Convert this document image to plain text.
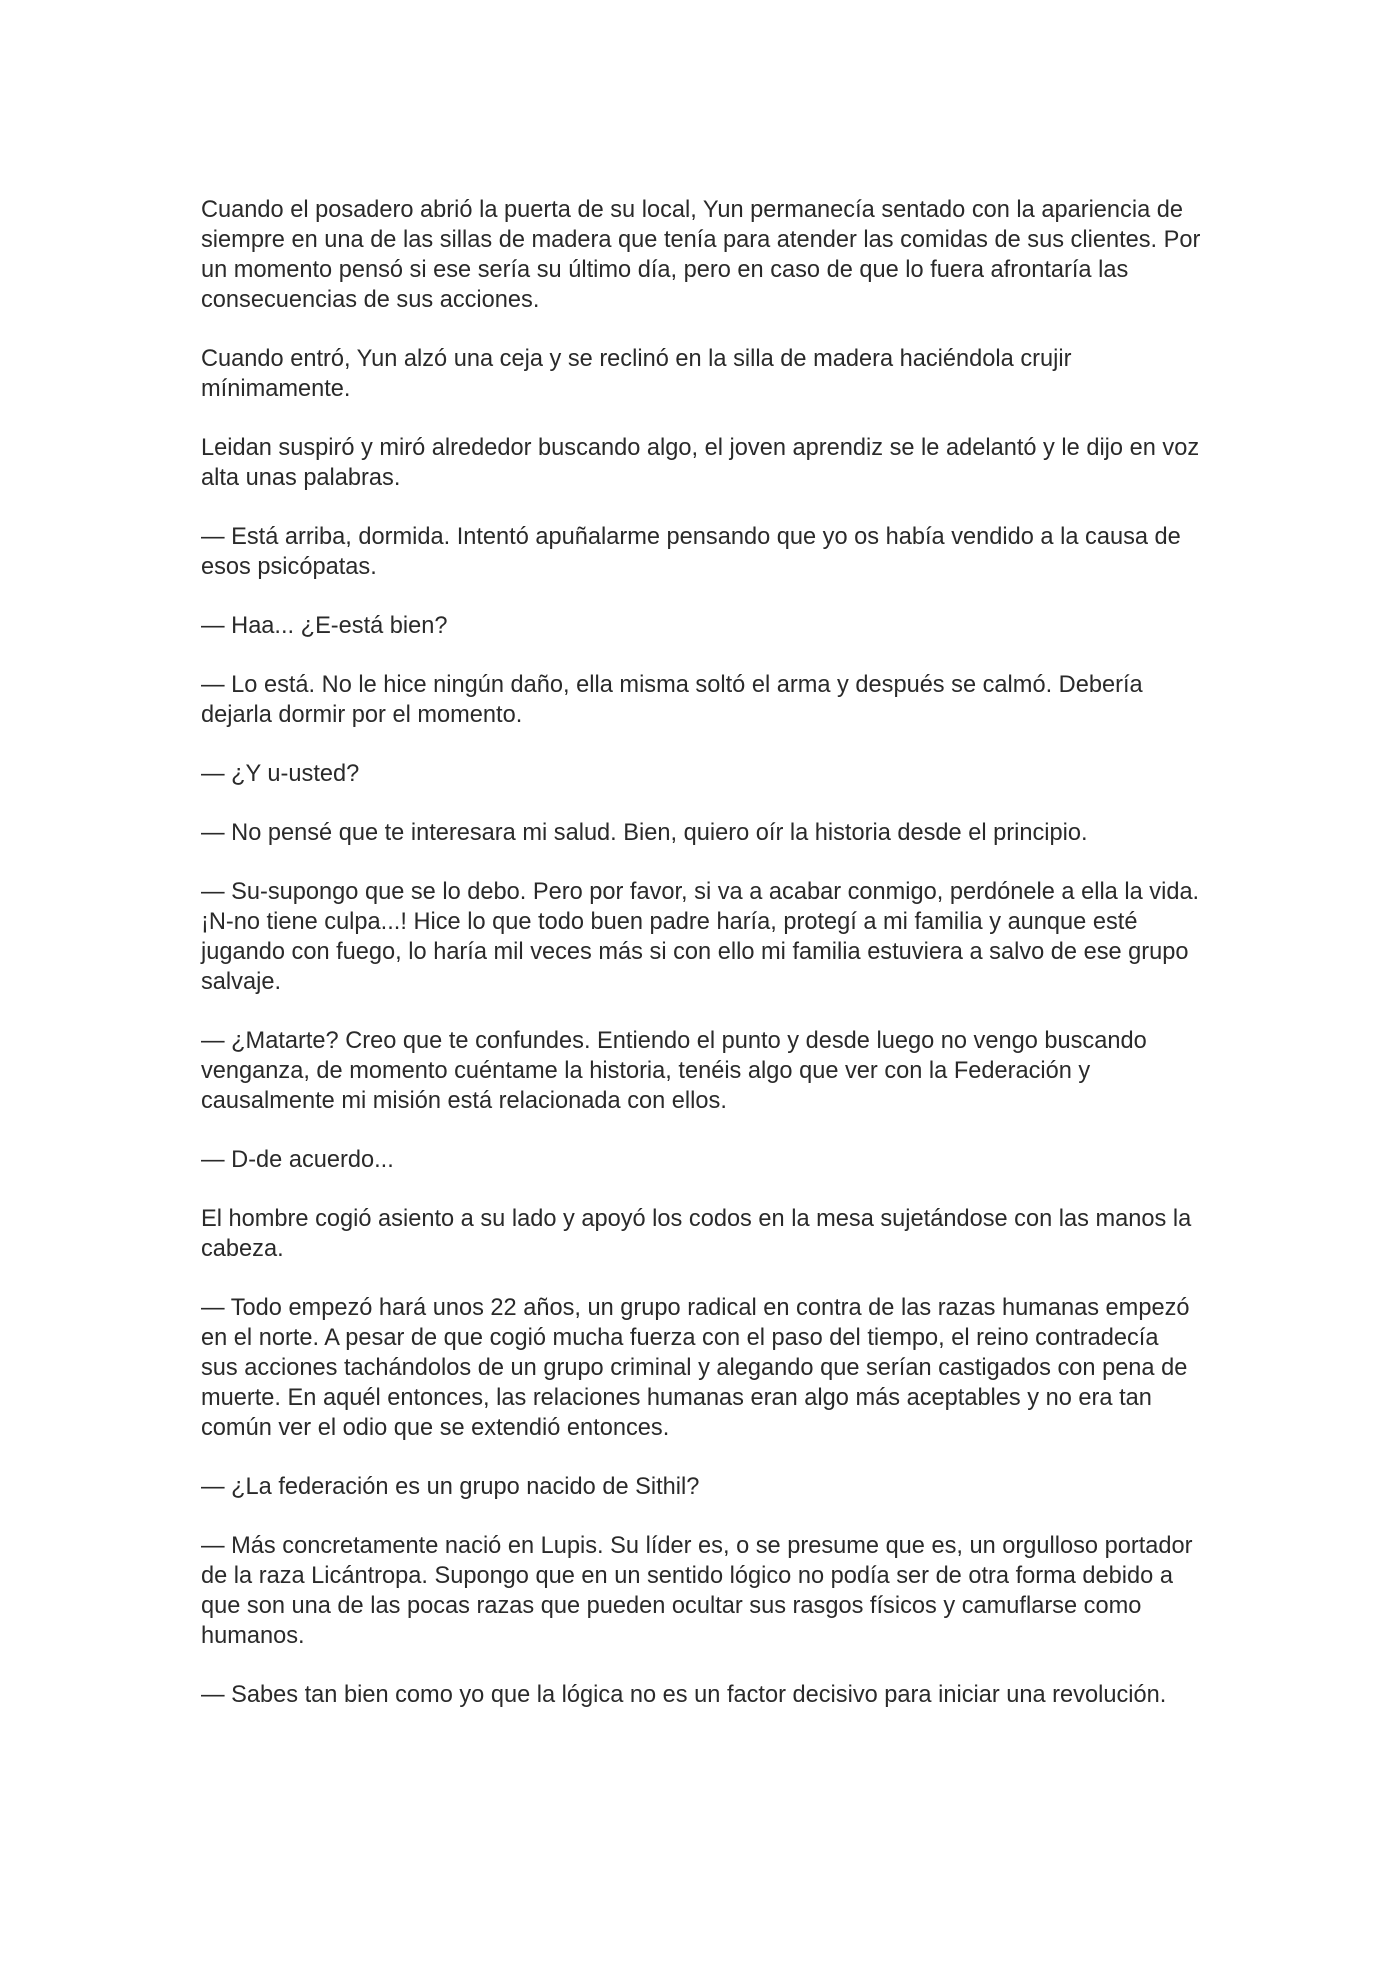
Cuando el posadero abrió la puerta de su local, Yun permanecía sentado con la apariencia de siempre en una de las sillas de madera que tenía para atender las comidas de sus clientes. Por un momento pensó si ese sería su último día, pero en caso de que lo fuera afrontaría las consecuencias de sus acciones.

Cuando entró, Yun alzó una ceja y se reclinó en la silla de madera haciéndola crujir mínimamente.

Leidan suspiró y miró alrededor buscando algo, el joven aprendiz se le adelantó y le dijo en voz alta unas palabras.

— Está arriba, dormida. Intentó apuñalarme pensando que yo os había vendido a la causa de esos psicópatas.

— Haa... ¿E-está bien?

— Lo está. No le hice ningún daño, ella misma soltó el arma y después se calmó. Debería dejarla dormir por el momento.

— ¿Y u-usted?

— No pensé que te interesara mi salud. Bien, quiero oír la historia desde el principio.

— Su-supongo que se lo debo. Pero por favor, si va a acabar conmigo, perdónele a ella la vida. ¡N-no tiene culpa...! Hice lo que todo buen padre haría, protegí a mi familia y aunque esté jugando con fuego, lo haría mil veces más si con ello mi familia estuviera a salvo de ese grupo salvaje.

— ¿Matarte? Creo que te confundes. Entiendo el punto y desde luego no vengo buscando venganza, de momento cuéntame la historia, tenéis algo que ver con la Federación y causalmente mi misión está relacionada con ellos.

— D-de acuerdo...

El hombre cogió asiento a su lado y apoyó los codos en la mesa sujetándose con las manos la cabeza.

— Todo empezó hará unos 22 años, un grupo radical en contra de las razas humanas empezó en el norte. A pesar de que cogió mucha fuerza con el paso del tiempo, el reino contradecía sus acciones tachándolos de un grupo criminal y alegando que serían castigados con pena de muerte. En aquél entonces, las relaciones humanas eran algo más aceptables y no era tan común ver el odio que se extendió entonces.

— ¿La federación es un grupo nacido de Sithil?

— Más concretamente nació en Lupis. Su líder es, o se presume que es, un orgulloso portador de la raza Licántropa. Supongo que en un sentido lógico no podía ser de otra forma debido a que son una de las pocas razas que pueden ocultar sus rasgos físicos y camuflarse como humanos.

— Sabes tan bien como yo que la lógica no es un factor decisivo para iniciar una revolución.
